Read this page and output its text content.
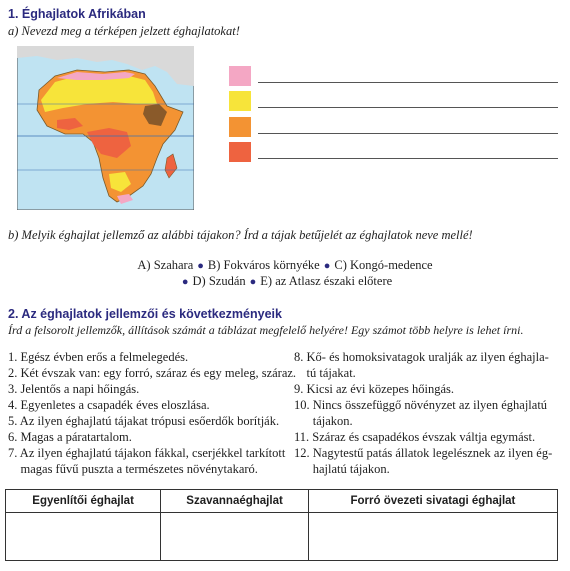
1. Éghajlatok Afrikában
a) Nevezd meg a térképen jelzett éghajlatokat!
b) Melyik éghajlat jellemző az alábbi tájakon? Írd a tájak betűjelét az éghajlatok neve mellé!
A) Szahara ● B) Fokváros környéke ● C) Kongó-medence
● D) Szudán ● E) az Atlasz északi előtere
2. Az éghajlatok jellemzői és következményeik
Írd a felsorolt jellemzők, állítások számát a táblázat megfelelő helyére! Egy számot több helyre is lehet írni.
1. Egész évben erős a felmelegedés.
2. Két évszak van: egy forró, száraz és egy meleg, száraz.
3. Jelentős a napi hőingás.
4. Egyenletes a csapadék éves eloszlása.
5. Az ilyen éghajlatú tájakat trópusi esőerdők borítják.
6. Magas a páratartalom.
7. Az ilyen éghajlatú tájakon fákkal, cserjékkel tarkított
magas fűvű puszta a természetes növénytakaró.
8. Kő- és homoksivatagok uralják az ilyen éghajla-
tú tájakat.
9. Kicsi az évi közepes hőingás.
10. Nincs összefüggő növényzet az ilyen éghajlatú
tájakon.
11. Száraz és csapadékos évszak váltja egymást.
12. Nagytestű patás állatok legelésznek az ilyen ég-
hajlatú tájakon.
Egyenlítői éghajlat	Szavannaéghajlat	Forró övezeti sivatagi éghajlat
